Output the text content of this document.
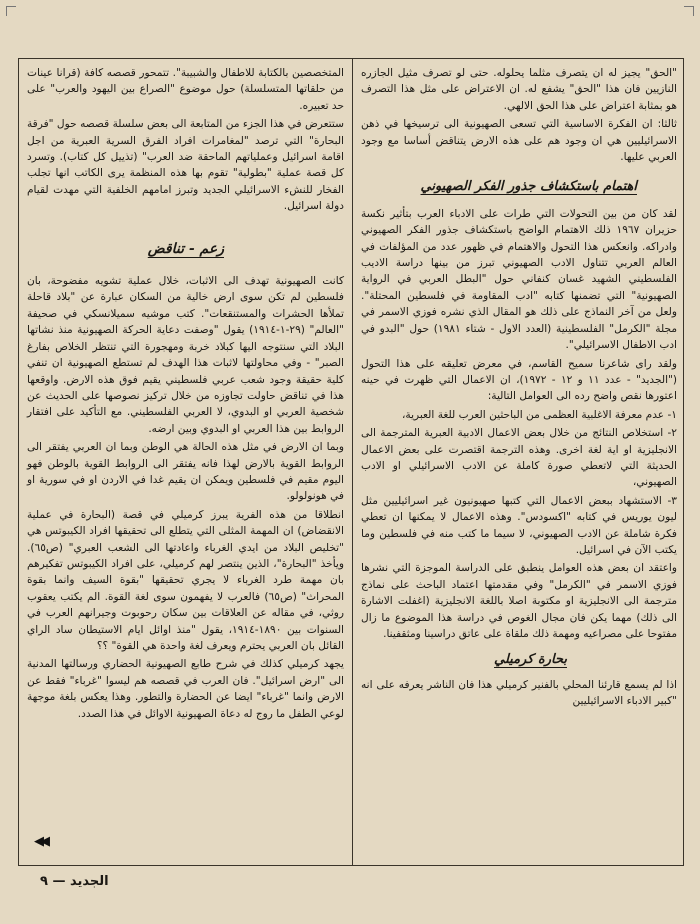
"الحق" يجيز له ان يتصرف مثلما يحلوله. حتى لو تصرف مثيل الجازره النازيين فان هذا "الحق" يشفع له. ان الاعتراض على مثل هذا التصرف هو بمثابة اعتراض على هذا الحق الالهي.

ثالثا: ان الفكرة الاساسية التي تسعى الصهيونية الى ترسيخها في ذهن الاسرائيليين هي ان وجود هم على هذه الارض يتناقض أساسا مع وجود العربي عليها.

اهتمام باستكشاف جذور الفكر الصهيوني

لقد كان من بين التحولات التي طرات على الادباء العرب بتأثير نكسة حزيران ١٩٦٧ ذلك الاهتمام الواضح باستكشاف جذور الفكر الصهيوني وادراكه. وانعكس هذا التحول والاهتمام في ظهور عدد من المؤلفات في العالم العربي تتناول الادب الصهيوني تبرز من بينها دراسة الاديب الفلسطيني الشهيد غسان كنفاني حول "البطل العربي في الرواية الصهيونية" التي تضمنها كتابه "ادب المقاومة في فلسطين المحتلة". ولعل من آخر النماذج على ذلك هو المقال الذي نشره فوزي الاسمر في مجلة "الكرمل" الفلسطينية (العدد الاول - شتاء ١٩٨١) حول "البدو في ادب الاطفال الاسرائيلي".

ولقد راى شاعرنا سميح القاسم، في معرض تعليقه على هذا التحول ("الجديد" - عدد ١١ و ١٢ - ١٩٧٢)، ان الاعمال التي ظهرت في حينه اعتورها نقص واضح رده الى العوامل التالية:

١- عدم معرفة الاغلبية العظمى من الباحثين العرب للغة العبرية،

٢- استخلاص النتائج من خلال بعض الاعمال الادبية العبرية المترجمة الى الانجليزية او اية لغة اخرى. وهذه الترجمة اقتصرت على بعض الاعمال الحديثة التي لاتعطي صورة كاملة عن الادب الاسرائيلي او الادب الصهيوني،

٣- الاستشهاد ببعض الاعمال التي كتبها صهيونيون غير اسرائيليين مثل ليون يوريس في كتابه "اكسودس". وهذه الاعمال لا يمكنها ان تعطي فكرة شاملة عن الادب الصهيوني، لا سيما ما كتب منه في فلسطين وما يكتب الآن في اسرائيل.

واعتقد ان بعض هذه العوامل ينطبق على الدراسة الموجزة التي نشرها فوزي الاسمر في "الكرمل" وفي مقدمتها اعتماد الباحث على نماذج مترجمة الى الانجليزية او مكتوبة اصلا باللغة الانجليزية (اغفلت الاشارة الى ذلك) مهما يكن فان مجال الغوص في دراسة هذا الموضوع ما زال مفتوحا على مصراعيه ومهمة ذلك ملقاة على عاتق دراسينا ومثقفينا.

بحارة كرميلي

اذا لم يسمع قارئنا المحلي بالفنير كرميلي هذا فان الناشر يعرفه على انه "كبير الادباء الاسرائيليين

المتخصصين بالكتابة للاطفال والشبيبة". تتمحور قصصه كافة (قرانا عينات من حلقاتها المتسلسلة) حول موضوع "الصراع بين اليهود والعرب" على حد تعبيره.

ستتعرض في هذا الجزء من المتابعة الى بعض سلسلة قصصه حول "فرقة البحارة" التي ترصد "لمغامرات افراد الفرق السرية العبرية من اجل اقامة اسرائيل وعملياتهم الماحقة ضد العرب" (تذييل كل كتاب). وتسرد كل قصة عملية "بطولية" تقوم بها هذه المنظمة يرى الكاتب انها تجلب الفخار للنشء الاسرائيلي الجديد وتبرز امامهم الخلفية التي مهدت لقيام دولة اسرائيل.

زعم - تناقض

كانت الصهيونية تهدف الى الاثبات، خلال عملية تشويه مفضوحة، بان فلسطين لم تكن سوى ارض خالية من السكان عبارة عن "بلاد قاحلة تملأها الحشرات والمستنقعات". كتب موشيه سميلانسكي في صحيفة "العالم" (٢٩-١-١٩١٤) يقول "وصفت دعاية الحركة الصهيونية منذ نشاتها البلاد التي سنتوجه اليها كبلاد خربة ومهجورة التي تنتظر الخلاص بفارغ الصبر" - وفي محاولتها لاثبات هذا الهدف لم تستطع الصهيونية ان تنفي كلية حقيقة وجود شعب عربي فلسطيني يقيم فوق هذه الارض. واوقعها هذا في تناقض حاولت تجاوزه من خلال تركيز نصوصها على الحديث عن شخصية العربي او البدوي، لا العربي الفلسطيني. مع التأكيد على افتقار الروابط بين هذا العربي او البدوي وبين ارضه.

وبما ان الارض في مثل هذه الحالة هي الوطن وبما ان العربي يفتقر الى الروابط القوية بالارض لهذا فانه يفتقر الى الروابط القوية بالوطن فهو اليوم مقيم في فلسطين ويمكن ان يقيم غدا في الاردن او في سورية او في هونولولو.

انطلاقا من هذه الفرية يبرز كرميلي في قصة (البحارة في عملية الانقضاض) ان المهمة المثلى التي يتطلع الى تحقيقها افراد الكيبوتس هي "تخليص البلاد من ايدي الغرباء واعادتها الى الشعب العبري" (ص٦٥). ويأخذ "البحارة"، الذين ينتصر لهم كرميلي، على افراد الكيبوتس تفكيرهم بان مهمة طرد الغرباء لا يجري تحقيقها "بقوة السيف وانما بقوة المحراث" (ص٦٥) فالعرب لا يفهمون سوى لغة القوة. الم يكتب يعقوب روثي، في مقاله عن العلاقات بين سكان رحوبوت وجيرانهم العرب في السنوات بين ١٨٩٠-١٩١٤، يقول "منذ اوائل ايام الاستيطان ساد الراي القائل بان العربي يحترم ويعرف لغة واحدة هي القوة" ؟؟

يجهد كرميلي كذلك في شرح طابع الصهيونية الحضاري ورسالتها المدنية الى "ارض اسرائيل". فان العرب في قصصه هم ليسوا "غرباء" فقط عن الارض وانما "غرباء" ايضا عن الحضارة والتطور. وهذا يعكس بلغة موجهة لوعي الطفل ما روج له دعاة الصهيونية الاوائل في هذا الصدد.

◀◀
الجديد — ٩
